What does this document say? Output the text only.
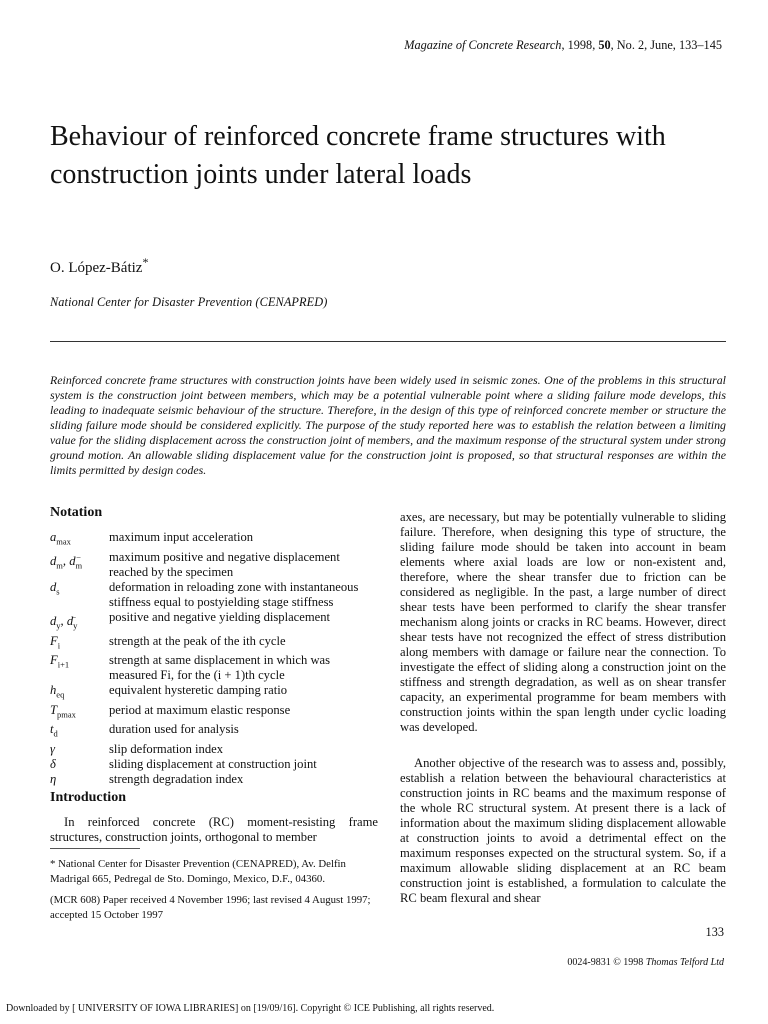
Magazine of Concrete Research, 1998, 50, No. 2, June, 133–145
Behaviour of reinforced concrete frame structures with construction joints under lateral loads
O. López-Bátiz*
National Center for Disaster Prevention (CENAPRED)

Reinforced concrete frame structures with construction joints have been widely used in seismic zones. One of the problems in this structural system is the construction joint between members, which may be a potential vulnerable point where a sliding failure mode develops, this leading to inadequate seismic behaviour of the structure. Therefore, in the design of this type of reinforced concrete member or structure the sliding failure mode should be considered explicitly. The purpose of the study reported here was to establish the relation between a limiting value for the sliding displacement across the construction joint of members, and the maximum response of the structural system under strong ground motion. An allowable sliding displacement value for the construction joint is proposed, so that structural responses are within the limits permitted by design codes.

Notation
$a_{max}$	maximum input acceleration
$d_m$, $d_m^-$	maximum positive and negative displacement reached by the specimen
$d_s$	deformation in reloading zone with instantaneous stiffness equal to postyielding stage stiffness
$d_y$, $d_y^-$	positive and negative yielding displacement
$F_i$	strength at the peak of the ith cycle
$F_{i+1}$	strength at same displacement in which was measured Fi, for the (i + 1)th cycle
$h_{eq}$	equivalent hysteretic damping ratio
$T_{pmax}$	period at maximum elastic response
$t_d$	duration used for analysis
γ	slip deformation index
δ	sliding displacement at construction joint
η	strength degradation index
Introduction

In reinforced concrete (RC) moment-resisting frame structures, construction joints, orthogonal to member

* National Center for Disaster Prevention (CENAPRED), Av. Delfin Madrigal 665, Pedregal de Sto. Domingo, Mexico, D.F., 04360.

(MCR 608) Paper received 4 November 1996; last revised 4 August 1997; accepted 15 October 1997

axes, are necessary, but may be potentially vulnerable to sliding failure. Therefore, when designing this type of structure, the sliding failure mode should be taken into account in beam elements where axial loads are low or non-existent and, therefore, where the shear transfer due to friction can be considered as negligible. In the past, a large number of direct shear tests have been performed to clarify the shear transfer mechanism along joints or cracks in RC beams. However, direct shear tests have not recognized the effect of stress distribution along members with damage or failure near the connection. To investigate the effect of sliding along a construction joint on the stiffness and strength degradation, as well as on shear transfer capacity, an experimental programme for beam members with construction joints within the span length under cyclic loading was developed.

Another objective of the research was to assess and, possibly, establish a relation between the behavioural characteristics at construction joints in RC beams and the maximum response of the whole RC structural system. At present there is a lack of information about the maximum sliding displacement allowable at construction joints to avoid a detrimental effect on the maximum responses expected on the structural system. So, if a maximum allowable sliding displacement at an RC beam construction joint is established, a formulation to calculate the RC beam flexural and shear

133
0024-9831 © 1998 Thomas Telford Ltd
Downloaded by [ UNIVERSITY OF IOWA LIBRARIES] on [19/09/16]. Copyright © ICE Publishing, all rights reserved.
